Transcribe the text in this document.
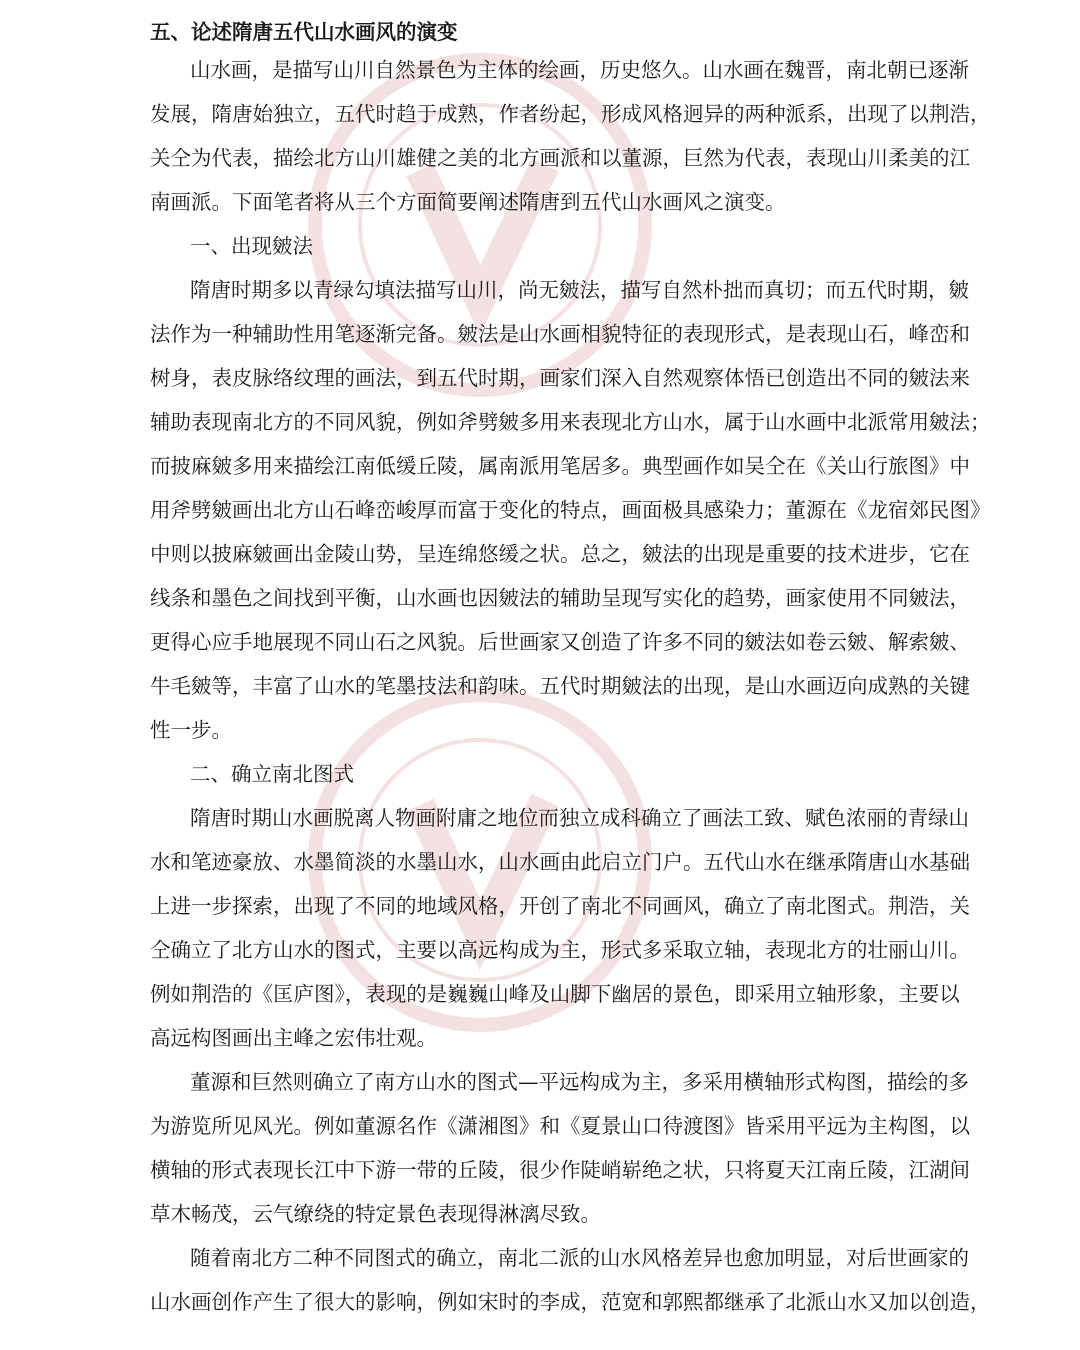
五、论述隋唐五代山水画风的演变
山水画，是描写山川自然景色为主体的绘画，历史悠久。山水画在魏晋，南北朝已逐渐
发展，隋唐始独立，五代时趋于成熟，作者纷起，形成风格迥异的两种派系，出现了以荆浩，
关仝为代表，描绘北方山川雄健之美的北方画派和以董源，巨然为代表，表现山川柔美的江
南画派。下面笔者将从三个方面简要阐述隋唐到五代山水画风之演变。
一、出现皴法
隋唐时期多以青绿勾填法描写山川，尚无皴法，描写自然朴拙而真切；而五代时期，皴
法作为一种辅助性用笔逐渐完备。皴法是山水画相貌特征的表现形式，是表现山石，峰峦和
树身，表皮脉络纹理的画法，到五代时期，画家们深入自然观察体悟已创造出不同的皴法来
辅助表现南北方的不同风貌，例如斧劈皴多用来表现北方山水，属于山水画中北派常用皴法；
而披麻皴多用来描绘江南低缓丘陵，属南派用笔居多。典型画作如吴仝在《关山行旅图》中
用斧劈皴画出北方山石峰峦峻厚而富于变化的特点，画面极具感染力；董源在《龙宿郊民图》
中则以披麻皴画出金陵山势，呈连绵悠缓之状。总之，皴法的出现是重要的技术进步，它在
线条和墨色之间找到平衡，山水画也因皴法的辅助呈现写实化的趋势，画家使用不同皴法，
更得心应手地展现不同山石之风貌。后世画家又创造了许多不同的皴法如卷云皴、解索皴、
牛毛皴等，丰富了山水的笔墨技法和韵味。五代时期皴法的出现，是山水画迈向成熟的关键
性一步。
二、确立南北图式
隋唐时期山水画脱离人物画附庸之地位而独立成科确立了画法工致、赋色浓丽的青绿山
水和笔迹豪放、水墨简淡的水墨山水，山水画由此启立门户。五代山水在继承隋唐山水基础
上进一步探索，出现了不同的地域风格，开创了南北不同画风，确立了南北图式。荆浩，关
仝确立了北方山水的图式，主要以高远构成为主，形式多采取立轴，表现北方的壮丽山川。
例如荆浩的《匡庐图》，表现的是巍巍山峰及山脚下幽居的景色，即采用立轴形象，主要以
高远构图画出主峰之宏伟壮观。
董源和巨然则确立了南方山水的图式—平远构成为主，多采用横轴形式构图，描绘的多
为游览所见风光。例如董源名作《潇湘图》和《夏景山口待渡图》皆采用平远为主构图，以
横轴的形式表现长江中下游一带的丘陵，很少作陡峭崭绝之状，只将夏天江南丘陵，江湖间
草木畅茂，云气缭绕的特定景色表现得淋漓尽致。
随着南北方二种不同图式的确立，南北二派的山水风格差异也愈加明显，对后世画家的
山水画创作产生了很大的影响，例如宋时的李成，范宽和郭熙都继承了北派山水又加以创造，
